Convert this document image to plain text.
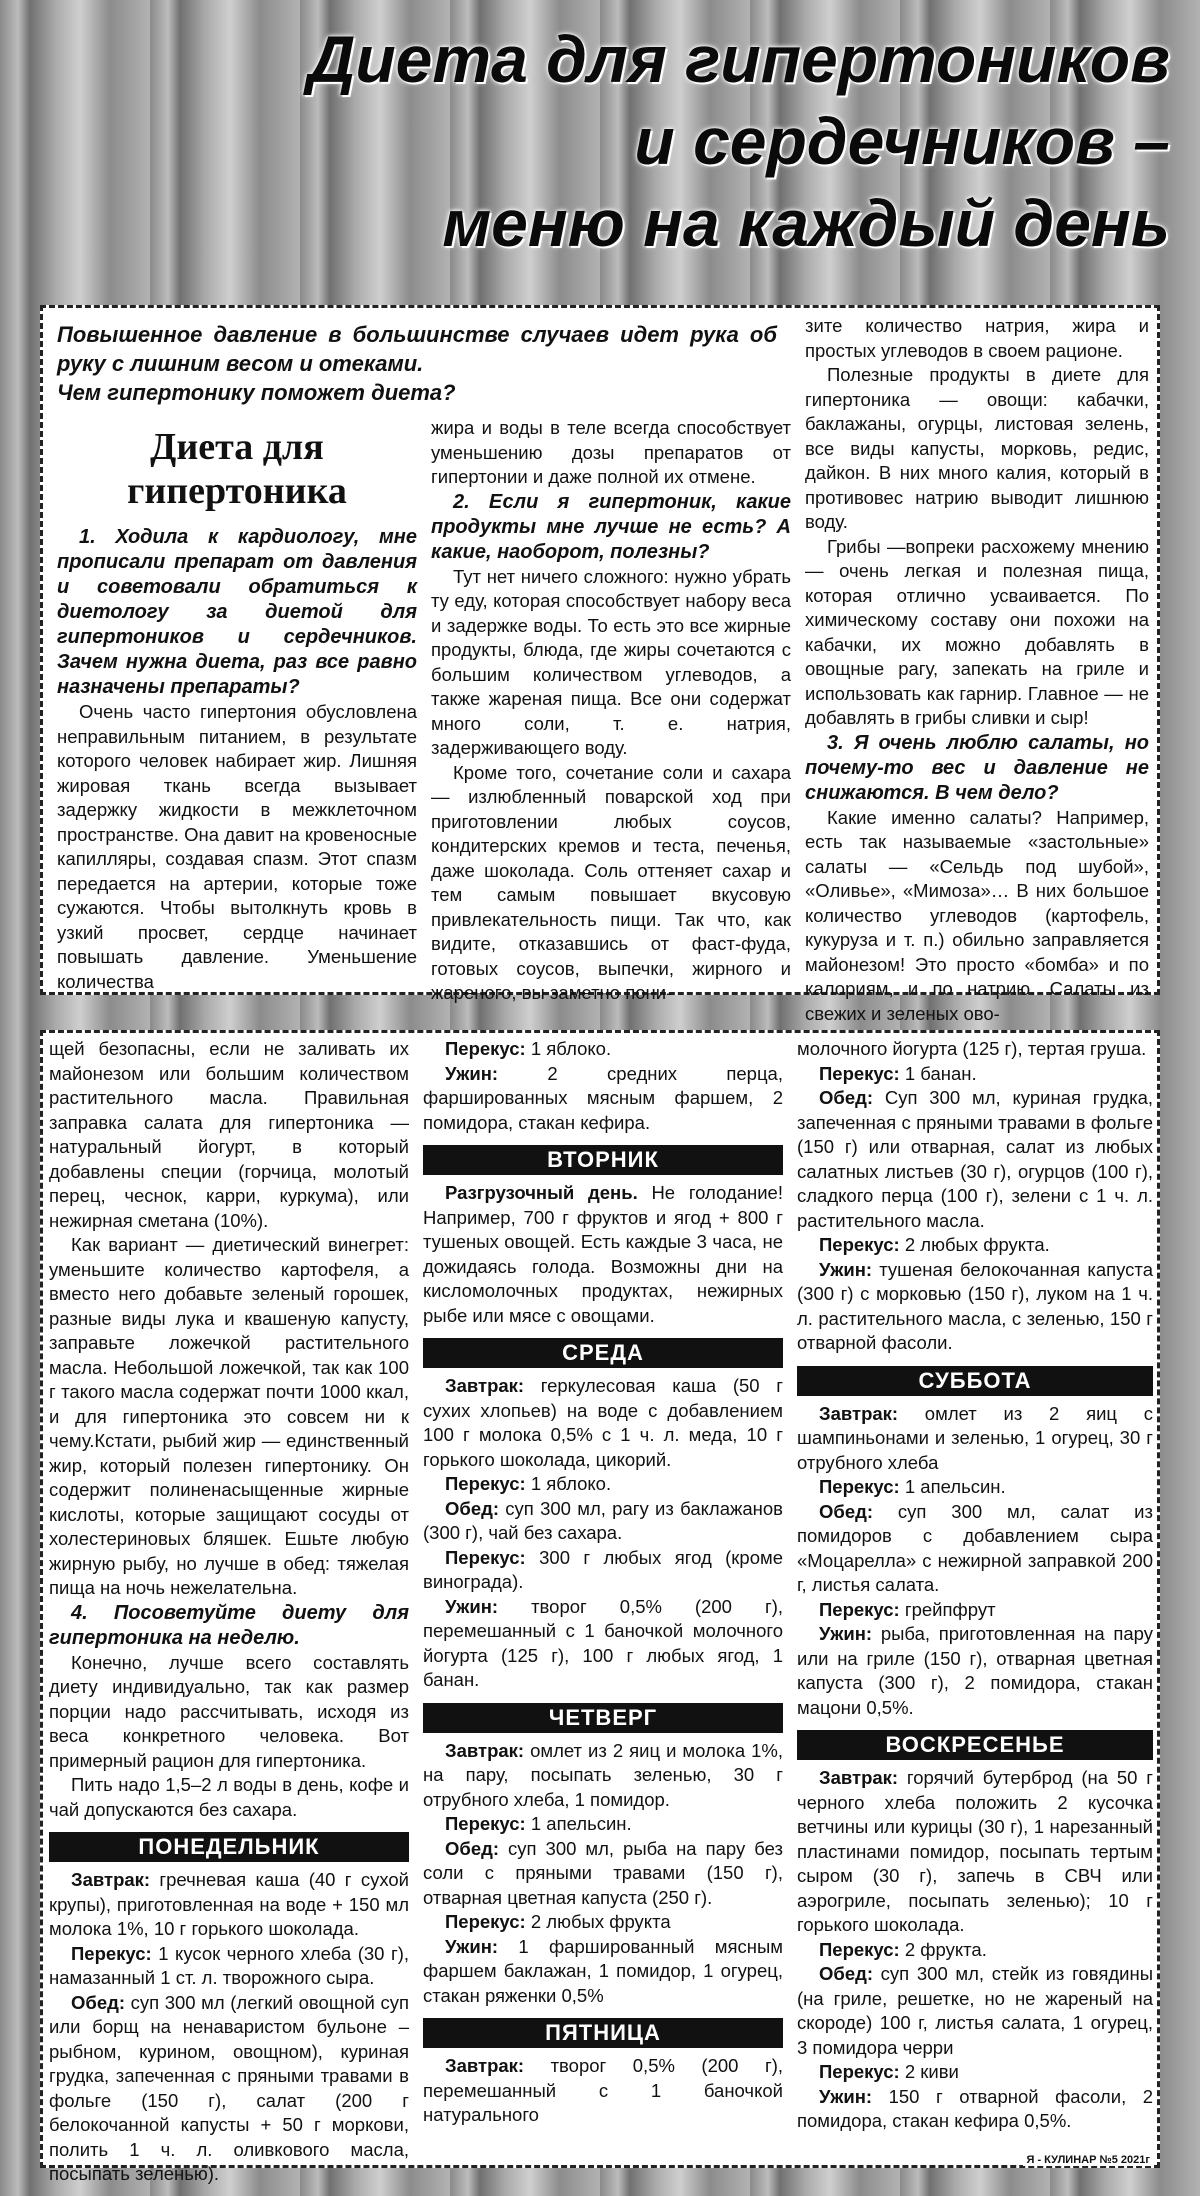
Диета для гипертоников
и сердечников –
меню на каждый день
Повышенное давление в большинстве случаев идет рука об руку с лишним весом и отеками.
Чем гипертонику поможет диета?
Диета для гипертоника
1. Ходила к кардиологу, мне прописали препарат от давления и советовали обратиться к диетологу за диетой для гипертоников и сердечников. Зачем нужна диета, раз все равно назначены препараты?
Очень часто гипертония обусловлена неправильным питанием, в результате которого человек набирает жир. Лишняя жировая ткань всегда вызывает задержку жидкости в межклеточном пространстве. Она давит на кровеносные капилляры, создавая спазм. Этот спазм передается на артерии, которые тоже сужаются. Чтобы вытолкнуть кровь в узкий просвет, сердце начинает повышать давление. Уменьшение количества
жира и воды в теле всегда способствует уменьшению дозы препаратов от гипертонии и даже полной их отмене.
2. Если я гипертоник, какие продукты мне лучше не есть? А какие, наоборот, полезны?
Тут нет ничего сложного: нужно убрать ту еду, которая способствует набору веса и задержке воды. То есть это все жирные продукты, блюда, где жиры сочетаются с большим количеством углеводов, а также жареная пища. Все они содержат много соли, т. е. натрия, задерживающего воду.
Кроме того, сочетание соли и сахара — излюбленный поварской ход при приготовлении любых соусов, кондитерских кремов и теста, печенья, даже шоколада. Соль оттеняет сахар и тем самым повышает вкусовую привлекательность пищи. Так что, как видите, отказавшись от фаст-фуда, готовых соусов, выпечки, жирного и жареного, вы заметно пони-
зите количество натрия, жира и простых углеводов в своем рационе.
Полезные продукты в диете для гипертоника — овощи: кабачки, баклажаны, огурцы, листовая зелень, все виды капусты, морковь, редис, дайкон. В них много калия, который в противовес натрию выводит лишнюю воду.
Грибы —вопреки расхожему мнению — очень легкая и полезная пища, которая отлично усваивается. По химическому составу они похожи на кабачки, их можно добавлять в овощные рагу, запекать на гриле и использовать как гарнир. Главное — не добавлять в грибы сливки и сыр!
3. Я очень люблю салаты, но почему-то вес и давление не снижаются. В чем дело?
Какие именно салаты? Например, есть так называемые «застольные» салаты — «Сельдь под шубой», «Оливье», «Мимоза»… В них большое количество углеводов (картофель, кукуруза и т. п.) обильно заправляется майонезом! Это просто «бомба» и по калориям, и по натрию. Салаты из свежих и зеленых ово-
щей безопасны, если не заливать их майонезом или большим количеством растительного масла. Правильная заправка салата для гипертоника — натуральный йогурт, в который добавлены специи (горчица, молотый перец, чеснок, карри, куркума), или нежирная сметана (10%).
Как вариант — диетический винегрет: уменьшите количество картофеля, а вместо него добавьте зеленый горошек, разные виды лука и квашеную капусту, заправьте ложечкой растительного масла. Небольшой ложечкой, так как 100 г такого масла содержат почти 1000 ккал, и для гипертоника это совсем ни к чему.Кстати, рыбий жир — единственный жир, который полезен гипертонику. Он содержит полиненасыщенные жирные кислоты, которые защищают сосуды от холестериновых бляшек. Ешьте любую жирную рыбу, но лучше в обед: тяжелая пища на ночь нежелательна.
4. Посоветуйте диету для гипертоника на неделю.
Конечно, лучше всего составлять диету индивидуально, так как размер порции надо рассчитывать, исходя из веса конкретного человека. Вот примерный рацион для гипертоника.
Пить надо 1,5–2 л воды в день, кофе и чай допускаются без сахара.
ПОНЕДЕЛЬНИК
Завтрак: гречневая каша (40 г сухой крупы), приготовленная на воде + 150 мл молока 1%, 10 г горького шоколада.
Перекус: 1 кусок черного хлеба (30 г), намазанный 1 ст. л. творожного сыра.
Обед: суп 300 мл (легкий овощной суп или борщ на ненаваристом бульоне – рыбном, курином, овощном), куриная грудка, запеченная с пряными травами в фольге (150 г), салат (200 г белокочанной капусты + 50 г моркови, полить 1 ч. л. оливкового масла, посыпать зеленью).
Перекус: 1 яблоко.
Ужин: 2 средних перца, фаршированных мясным фаршем, 2 помидора, стакан кефира.
ВТОРНИК
Разгрузочный день. Не голодание! Например, 700 г фруктов и ягод + 800 г тушеных овощей. Есть каждые 3 часа, не дожидаясь голода. Возможны дни на кисломолочных продуктах, нежирных рыбе или мясе с овощами.
СРЕДА
Завтрак: геркулесовая каша (50 г сухих хлопьев) на воде с добавлением 100 г молока 0,5% с 1 ч. л. меда, 10 г горького шоколада, цикорий.
Перекус: 1 яблоко.
Обед: суп 300 мл, рагу из баклажанов (300 г), чай без сахара.
Перекус: 300 г любых ягод (кроме винограда).
Ужин: творог 0,5% (200 г), перемешанный с 1 баночкой молочного йогурта (125 г), 100 г любых ягод, 1 банан.
ЧЕТВЕРГ
Завтрак: омлет из 2 яиц и молока 1%, на пару, посыпать зеленью, 30 г отрубного хлеба, 1 помидор.
Перекус: 1 апельсин.
Обед: суп 300 мл, рыба на пару без соли с пряными травами (150 г), отварная цветная капуста (250 г).
Перекус: 2 любых фрукта
Ужин: 1 фаршированный мясным фаршем баклажан, 1 помидор, 1 огурец, стакан ряженки 0,5%
ПЯТНИЦА
Завтрак: творог 0,5% (200 г), перемешанный с 1 баночкой натурального
молочного йогурта (125 г), тертая груша.
Перекус: 1 банан.
Обед: Суп 300 мл, куриная грудка, запеченная с пряными травами в фольге (150 г) или отварная, салат из любых салатных листьев (30 г), огурцов (100 г), сладкого перца (100 г), зелени с 1 ч. л. растительного масла.
Перекус: 2 любых фрукта.
Ужин: тушеная белокочанная капуста (300 г) с морковью (150 г), луком на 1 ч. л. растительного масла, с зеленью, 150 г отварной фасоли.
СУББОТА
Завтрак: омлет из 2 яиц с шампиньонами и зеленью, 1 огурец, 30 г отрубного хлеба
Перекус: 1 апельсин.
Обед: суп 300 мл, салат из помидоров с добавлением сыра «Моцарелла» с нежирной заправкой 200 г, листья салата.
Перекус: грейпфрут
Ужин: рыба, приготовленная на пару или на гриле (150 г), отварная цветная капуста (300 г), 2 помидора, стакан мацони 0,5%.
ВОСКРЕСЕНЬЕ
Завтрак: горячий бутерброд (на 50 г черного хлеба положить 2 кусочка ветчины или курицы (30 г), 1 нарезанный пластинами помидор, посыпать тертым сыром (30 г), запечь в СВЧ или аэрогриле, посыпать зеленью); 10 г горького шоколада.
Перекус: 2 фрукта.
Обед: суп 300 мл, стейк из говядины (на гриле, решетке, но не жареный на скороде) 100 г, листья салата, 1 огурец, 3 помидора черри
Перекус: 2 киви
Ужин: 150 г отварной фасоли, 2 помидора, стакан кефира 0,5%.
Я - КУЛИНАР №5 2021г
